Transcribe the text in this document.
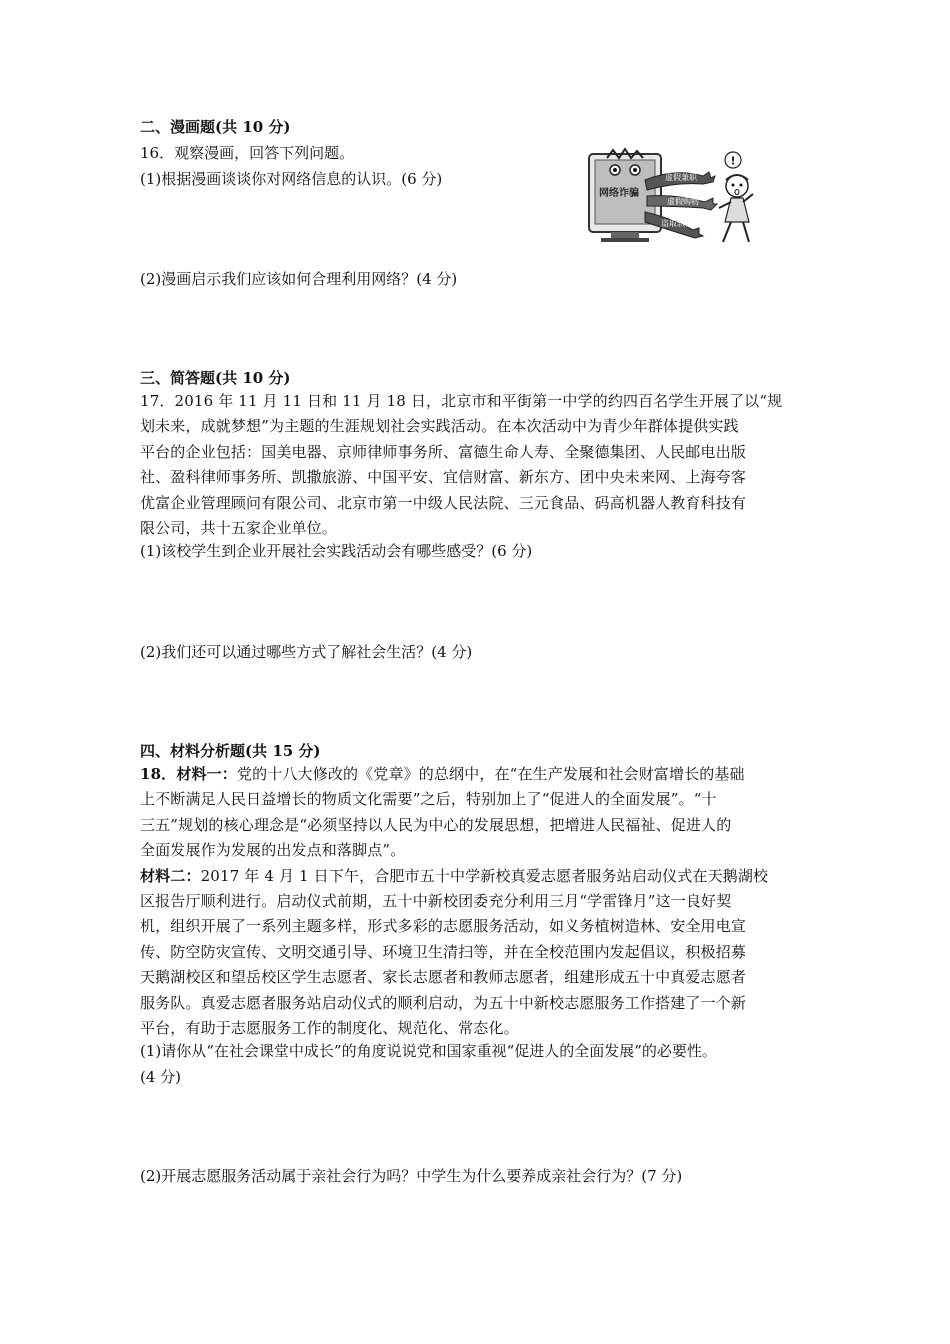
二、漫画题(共 10 分)
16．观察漫画，回答下列问题。
(1)根据漫画谈谈你对网络信息的认识。(6 分)
网络诈骗
虚假兼职
虚假购物
盗取软件
!
(2)漫画启示我们应该如何合理利用网络？(4 分)
三、简答题(共 10 分)
17．2016 年 11 月 11 日和 11 月 18 日，北京市和平街第一中学的约四百名学生开展了以“规
划未来，成就梦想”为主题的生涯规划社会实践活动。在本次活动中为青少年群体提供实践
平台的企业包括：国美电器、京师律师事务所、富德生命人寿、全聚德集团、人民邮电出版
社、盈科律师事务所、凯撒旅游、中国平安、宜信财富、新东方、团中央未来网、上海夸客
优富企业管理顾问有限公司、北京市第一中级人民法院、三元食品、码高机器人教育科技有
限公司，共十五家企业单位。
(1)该校学生到企业开展社会实践活动会有哪些感受？(6 分)
(2)我们还可以通过哪些方式了解社会生活？(4 分)
四、材料分析题(共 15 分)
18．材料一：党的十八大修改的《党章》的总纲中，在“在生产发展和社会财富增长的基础
上不断满足人民日益增长的物质文化需要”之后，特别加上了“促进人的全面发展”。“十
三五”规划的核心理念是“必须坚持以人民为中心的发展思想，把增进人民福祉、促进人的
全面发展作为发展的出发点和落脚点”。
材料二：2017 年 4 月 1 日下午，合肥市五十中学新校真爱志愿者服务站启动仪式在天鹅湖校
区报告厅顺利进行。启动仪式前期，五十中新校团委充分利用三月“学雷锋月”这一良好契
机，组织开展了一系列主题多样，形式多彩的志愿服务活动，如义务植树造林、安全用电宣
传、防空防灾宣传、文明交通引导、环境卫生清扫等，并在全校范围内发起倡议，积极招募
天鹅湖校区和望岳校区学生志愿者、家长志愿者和教师志愿者，组建形成五十中真爱志愿者
服务队。真爱志愿者服务站启动仪式的顺利启动，为五十中新校志愿服务工作搭建了一个新
平台，有助于志愿服务工作的制度化、规范化、常态化。
(1)请你从“在社会课堂中成长”的角度说说党和国家重视“促进人的全面发展”的必要性。
(4 分)
(2)开展志愿服务活动属于亲社会行为吗？中学生为什么要养成亲社会行为？(7 分)
